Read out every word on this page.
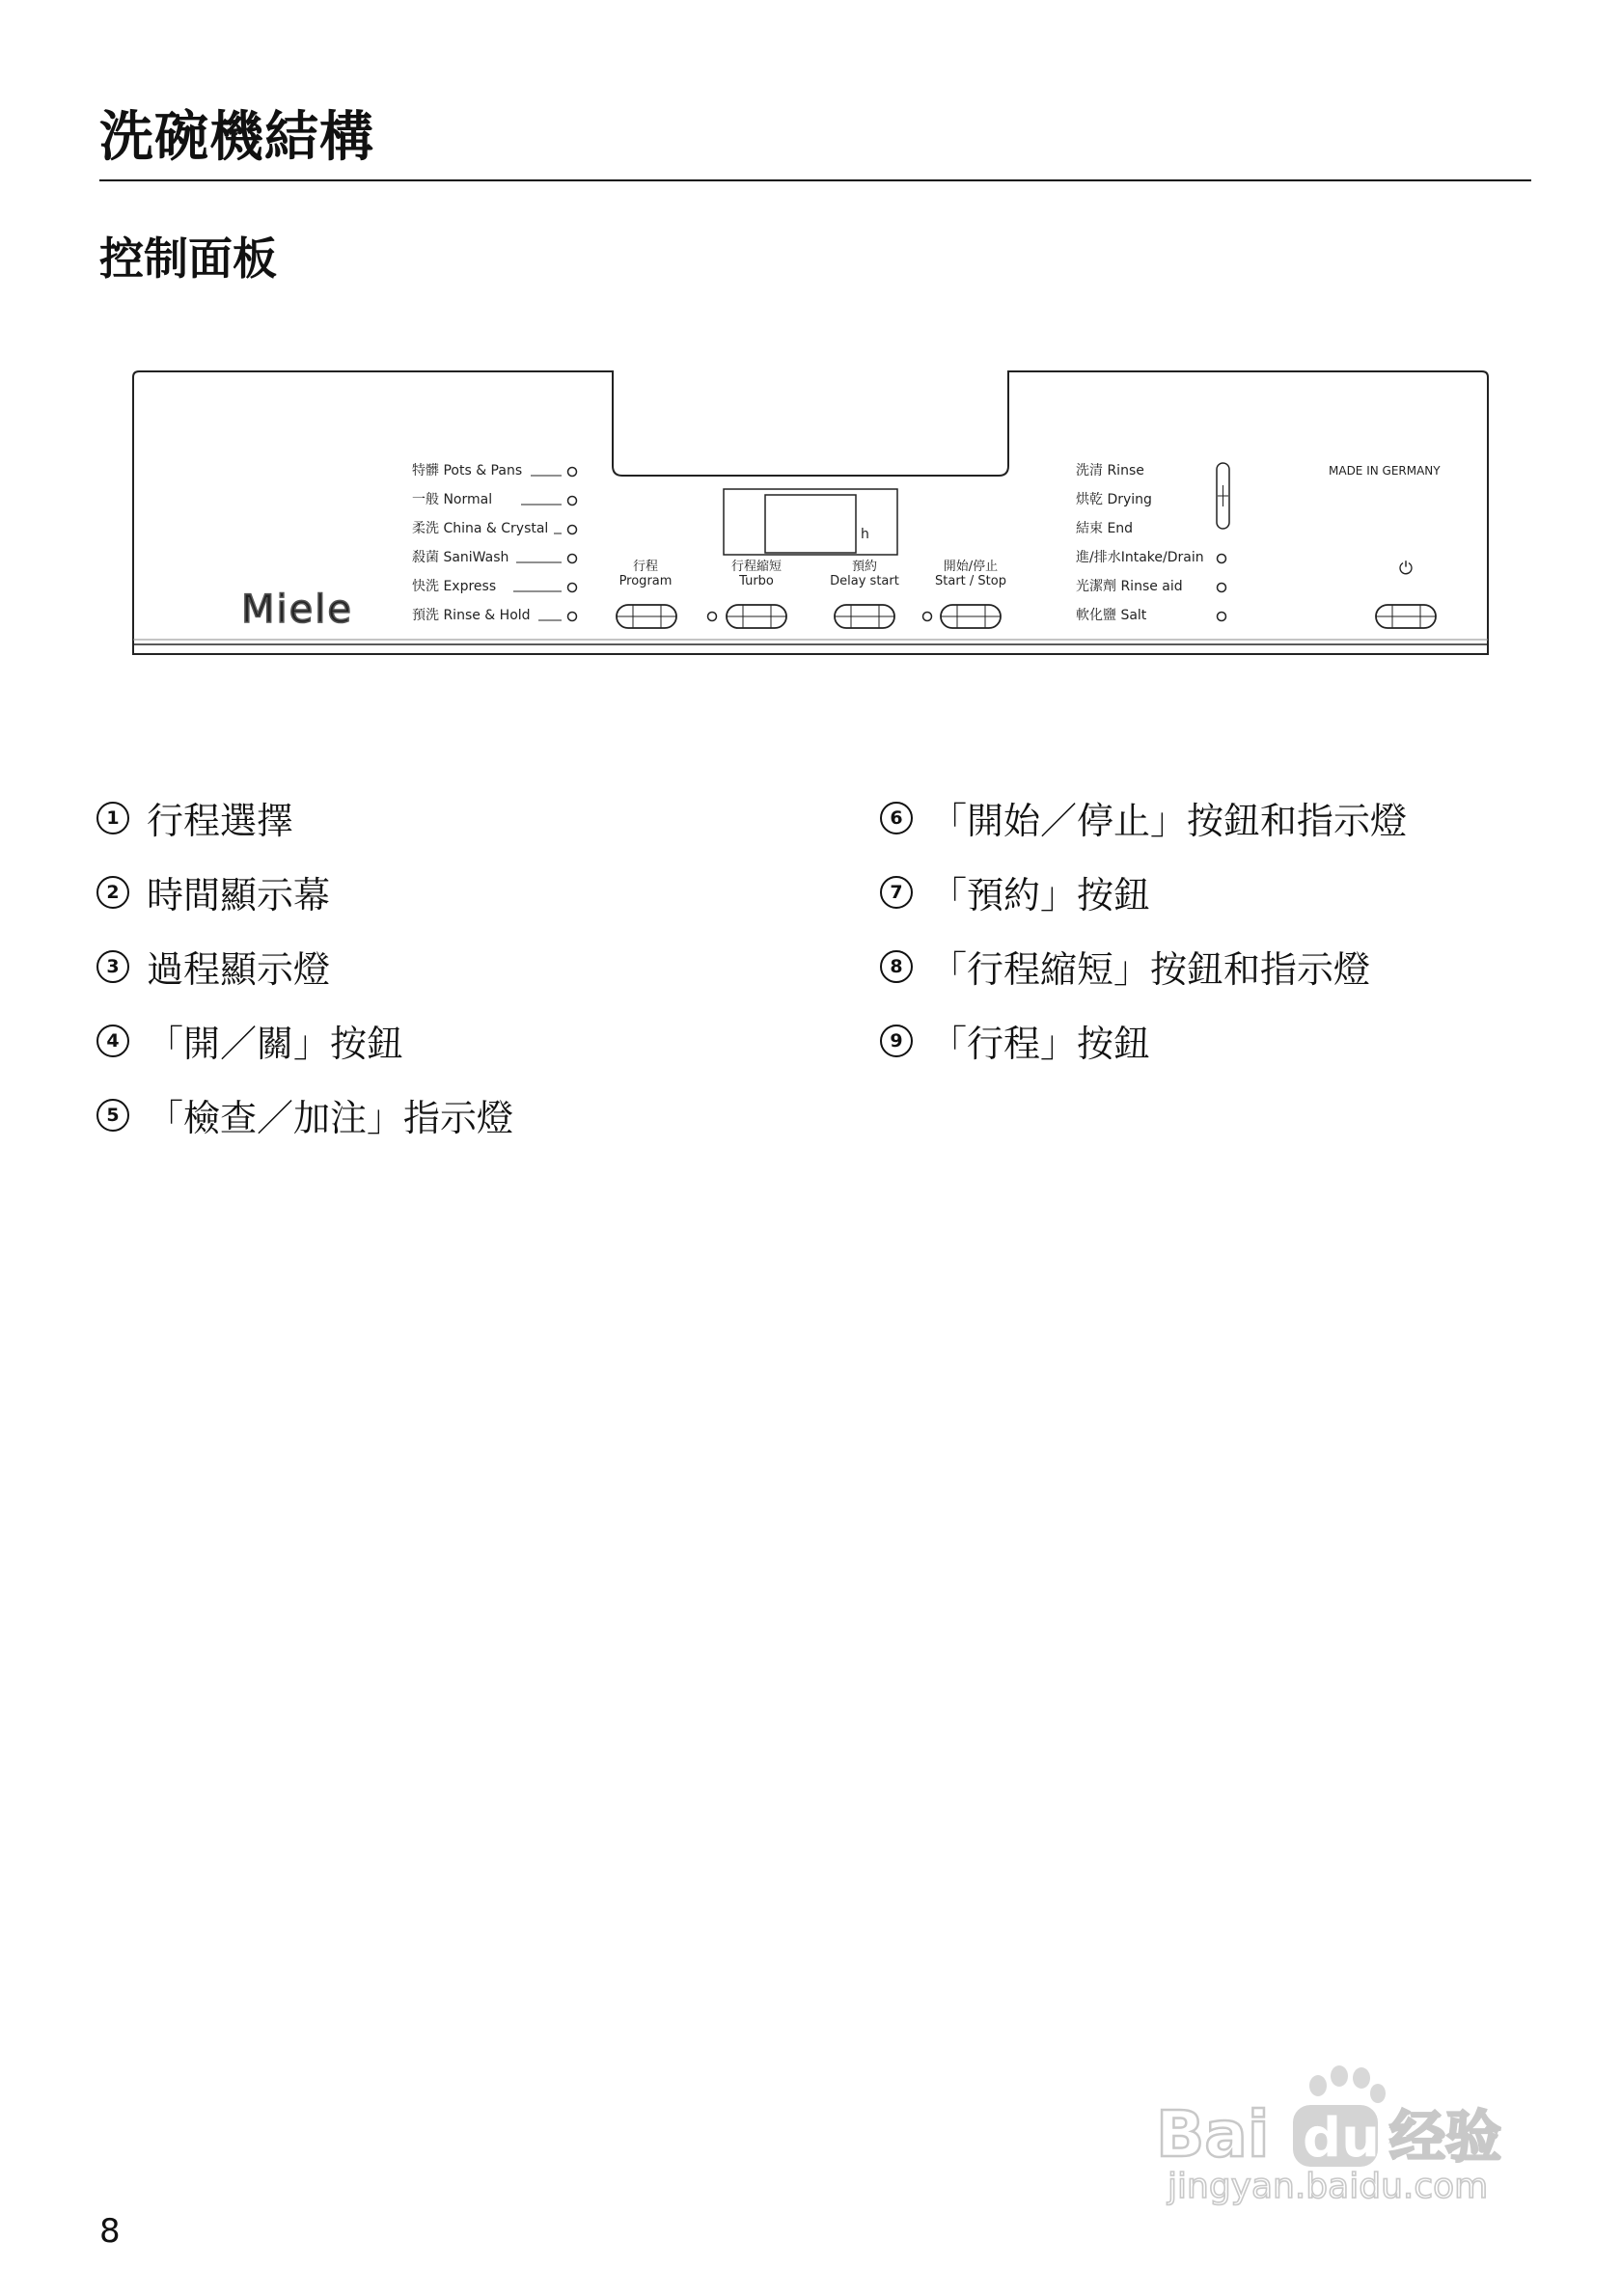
洗碗機結構
控制面板
Miele
特髒 Pots & Pans
一般 Normal
柔洗 China & Crystal
殺菌 SaniWash
快洗 Express
預洗 Rinse & Hold
h
行程
Program
行程縮短
Turbo
預約
Delay start
開始/停止
Start / Stop
洗清 Rinse
烘乾 Drying
結束 End
進/排水Intake/Drain
光潔劑 Rinse aid
軟化鹽 Salt
MADE IN GERMANY
⏻
1 行程選擇
2 時間顯示幕
3 過程顯示燈
4 「開／關」按鈕
5 「檢查／加注」指示燈
6 「開始／停止」按鈕和指示燈
7 「預約」按鈕
8 「行程縮短」按鈕和指示燈
9 「行程」按鈕
Bai du 经验
jingyan.baidu.com
8
